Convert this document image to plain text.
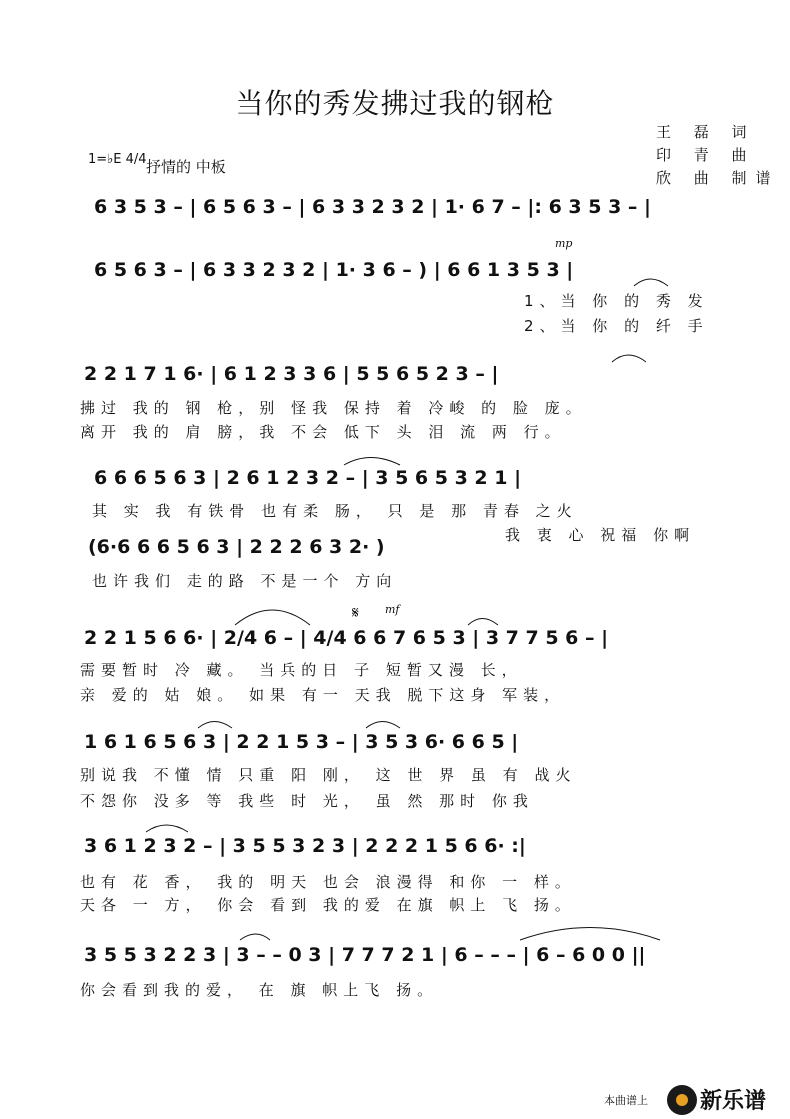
当你的秀发拂过我的钢枪
王 磊 词
印 青 曲
欣 曲 制谱
1=♭E 4/4 抒情的 中板
mp
mf
𝄋
6 3 5 3 – | 6 5 6 3 – | 6 3 3 2 3 2 | 1· 6 7 – |: 6 3 5 3 – |
6 5 6 3 – | 6 3 3 2 3 2 | 1· 3 6 – ) | 6 6 1 3 5 3 |
1、当 你 的 秀 发
2、当 你 的 纤 手
2 2 1 7 1 6· | 6 1 2 3 3 6 | 5 5 6 5 2 3 – |
拂过 我的 钢 枪，别 怪我 保持 着 冷峻 的 脸 庞。
离开 我的 肩 膀，我 不会 低下 头 泪 流 两 行。
6 6 6 5 6 3 | 2 6 1 2 3 2 – | 3 5 6 5 3 2 1 |
其 实 我 有铁骨 也有柔 肠， 只 是 那 青春 之火
我 衷 心 祝福 你啊
(6·6 6 6 5 6 3 | 2 2 2 6 3 2· )
也许我们 走的路 不是一个 方向
2 2 1 5 6 6· | 2/4 6 – | 4/4 6 6 7 6 5 3 | 3 7 7 5 6 – |
需要暂时 冷 藏。 当兵的日 子 短暂又漫 长，
亲 爱的 姑 娘。 如果 有一 天我 脱下这身 军装，
1 6 1 6 5 6 3 | 2 2 1 5 3 – | 3 5 3 6· 6 6 5 |
别说我 不懂 情 只重 阳 刚， 这 世 界 虽 有 战火
不怨你 没多 等 我些 时 光， 虽 然 那时 你我
3 6 1 2 3 2 – | 3 5 5 3 2 3 | 2 2 2 1 5 6 6· :|
也有 花 香， 我的 明天 也会 浪漫得 和你 一 样。
天各 一 方， 你会 看到 我的爱 在旗 帜上 飞 扬。
3 5 5 3 2 2 3 | 3 – – 0 3 | 7 7 7 2 1 | 6 – – – | 6 – 6 0 0 ||
你会看到我的爱， 在 旗 帜上飞 扬。
本曲谱上 新乐谱
